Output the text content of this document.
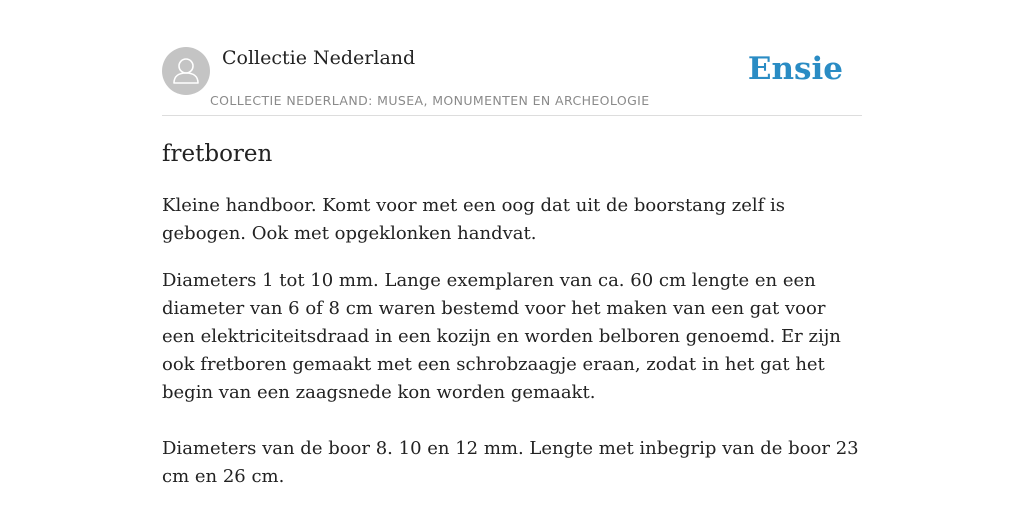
Collectie Nederland
COLLECTIE NEDERLAND: MUSEA, MONUMENTEN EN ARCHEOLOGIE
Ensie
fretboren

Kleine handboor. Komt voor met een oog dat uit de boorstang zelf is gebogen. Ook met opgeklonken handvat.

Diameters 1 tot 10 mm. Lange exemplaren van ca. 60 cm lengte en een diameter van 6 of 8 cm waren bestemd voor het maken van een gat voor een elektriciteitsdraad in een kozijn en worden belboren genoemd. Er zijn ook fretboren gemaakt met een schrobzaagje eraan, zodat in het gat het begin van een zaagsnede kon worden gemaakt.

Diameters van de boor 8. 10 en 12 mm. Lengte met inbegrip van de boor 23 cm en 26 cm.
